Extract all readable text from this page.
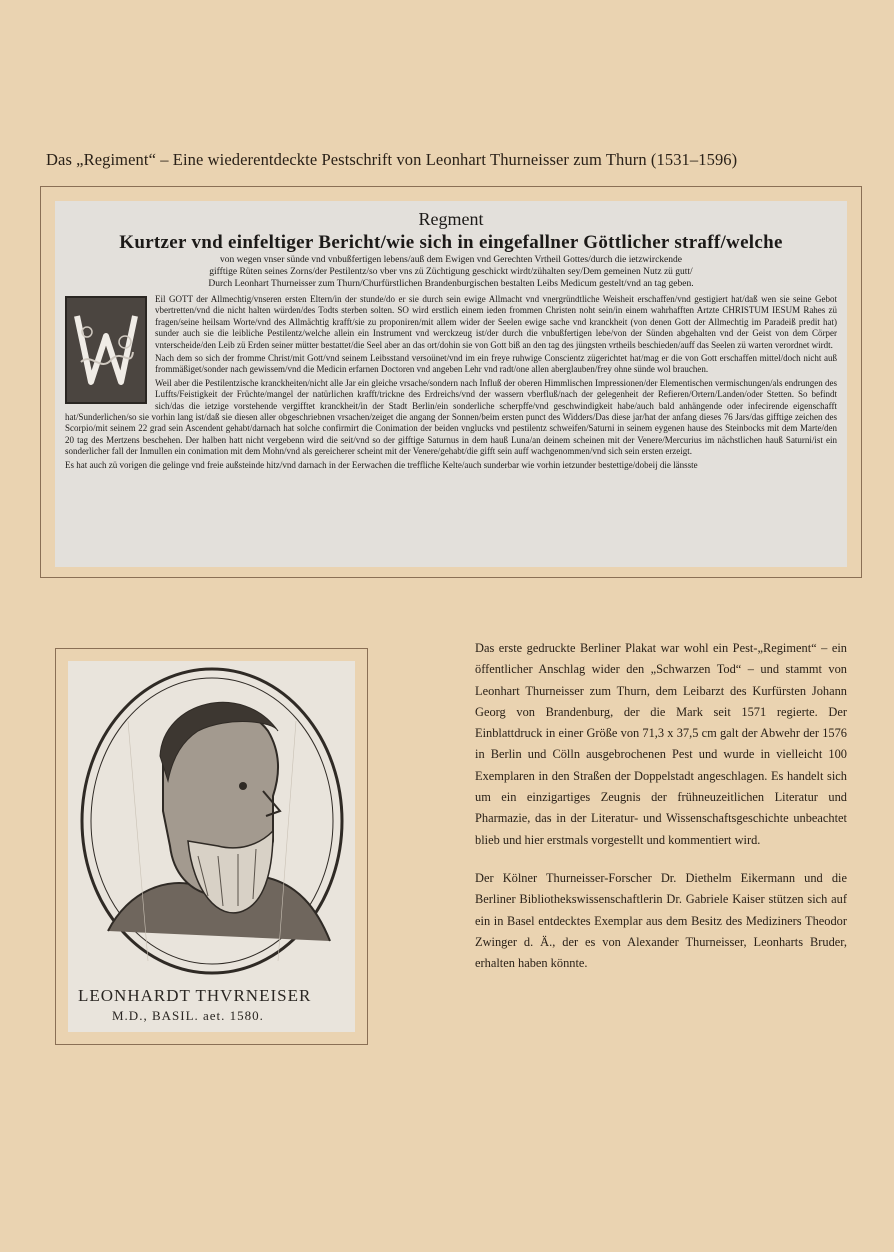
Das „Regiment“ – Eine wiederentdeckte Pestschrift von Leonhart Thurneisser zum Thurn (1531–1596)

Regment

Kurtzer vnd einfeltiger Bericht/wie sich in eingefallner Göttlicher straff/welche

von wegen vnser sünde vnd vnbußfertigen lebens/auß dem Ewigen vnd Gerechten Vrtheil Gottes/durch die ietzwirckende

gifftige Rüten seines Zorns/der Pestilentz/so vber vns zü Züchtigung geschickt wirdt/zühalten sey/Dem gemeinen Nutz zü gutt/

Durch Leonhart Thurneisser zum Thurn/Churfürstlichen Brandenburgischen bestalten Leibs Medicum gestelt/vnd an tag geben.

Eil GOTT der Allmechtig/vnseren ersten Eltern/in der stunde/do er sie durch sein ewige Allmacht vnd vnergründtliche Weisheit erschaffen/vnd gestigiert hat/daß wen sie seine Gebot vbertretten/vnd die nicht halten würden/des Todts sterben solten. SO wird erstlich einem ieden frommen Christen noht sein/in einem wahrhafften Artzte CHRISTUM IESUM Rahes zü fragen/seine heilsam Worte/vnd des Allmächtig krafft/sie zu proponiren/mit allem wider der Seelen ewige sache vnd kranckheit (von denen Gott der Allmechtig im Paradeiß predit hat) sunder auch sie die leibliche Pestilentz/welche allein ein Instrument vnd werckzeug ist/der durch die vnbußfertigen lebe/von der Sünden abgehalten vnd der Geist von dem Cörper vnterscheide/den Leib zü Erden seiner mütter bestattet/die Seel aber an das ort/dohin sie von Gott biß an den tag des jüngsten vrtheils beschieden/auff das Seelen zü warten verordnet wirdt.

Nach dem so sich der fromme Christ/mit Gott/vnd seinem Leibsstand versoünet/vnd im ein freye ruhwige Conscientz zügerichtet hat/mag er die von Gott erschaffen mittel/doch nicht auß frommäßiget/sonder nach gewissem/vnd die Medicin erfarnen Doctoren vnd angeben Lehr vnd radt/one allen aberglauben/frey ohne sünde wol brauchen.

Weil aber die Pestilentzische kranckheiten/nicht alle Jar ein gleiche vrsache/sondern nach Influß der oberen Himmlischen Impressionen/der Elementischen vermischungen/als endrungen des Luffts/Feistigkeit der Früchte/mangel der natürlichen krafft/trickne des Erdreichs/vnd der wassern vberfluß/nach der gelegenheit der Refieren/Ortern/Landen/oder Stetten. So befindt sich/das die ietzige vorstehende vergifftet kranckheit/in der Stadt Berlin/ein sonderliche scherpffe/vnd geschwindigkeit habe/auch bald anhängende oder infecirende eigenschafft hat/Sunderlichen/so sie vorhin lang ist/daß sie diesen aller obgeschriebnen vrsachen/zeiget die angang der Sonnen/beim ersten punct des Widders/Das diese jar/hat der anfang dieses 76 Jars/das gifftige zeichen des Scorpio/mit seinem 22 grad sein Ascendent gehabt/darnach hat solche confirmirt die Conimation der beiden vnglucks vnd pestilentz schweifen/Saturni in seinem eygenen hause des Steinbocks mit dem Marte/den 20 tag des Mertzens beschehen. Der halben hatt nicht vergebenn wird die seit/vnd so der gifftige Saturnus in dem hauß Luna/an deinem scheinen mit der Venere/Mercurius im nächstlichen hauß Saturni/ist ein sonderlicher fall der Inmullen ein conimation mit dem Mohn/vnd als gereicherer scheint mit der Venere/gehabt/die gifft sein auff wachgenommen/vnd sich sein ersten erzeigt.

Es hat auch zü vorigen die gelinge vnd freie außsteinde hitz/vnd darnach in der Eerwachen die treffliche Kelte/auch sunderbar wie vorhin ietzunder bestettige/dobeij die länsste

LEONHARDT THVRNEISER

M.D., BASIL. aet. 1580.

Das erste gedruckte Berliner Plakat war wohl ein Pest-„Regiment“ – ein öffentlicher Anschlag wider den „Schwarzen Tod“ – und stammt von Leonhart Thurneisser zum Thurn, dem Leibarzt des Kurfürsten Johann Georg von Brandenburg, der die Mark seit 1571 regierte. Der Einblattdruck in einer Größe von 71,3 x 37,5 cm galt der Abwehr der 1576 in Berlin und Cölln ausgebrochenen Pest und wurde in vielleicht 100 Exemplaren in den Straßen der Doppelstadt angeschlagen. Es handelt sich um ein einzigartiges Zeugnis der frühneuzeitlichen Literatur und Pharmazie, das in der Literatur- und Wissenschaftsgeschichte unbeachtet blieb und hier erstmals vorgestellt und kommentiert wird.

Der Kölner Thurneisser-Forscher Dr. Diethelm Eikermann und die Berliner Bibliothekswissenschaftlerin Dr. Gabriele Kaiser stützen sich auf ein in Basel entdecktes Exemplar aus dem Besitz des Mediziners Theodor Zwinger d. Ä., der es von Alexander Thurneisser, Leonharts Bruder, erhalten haben könnte.
